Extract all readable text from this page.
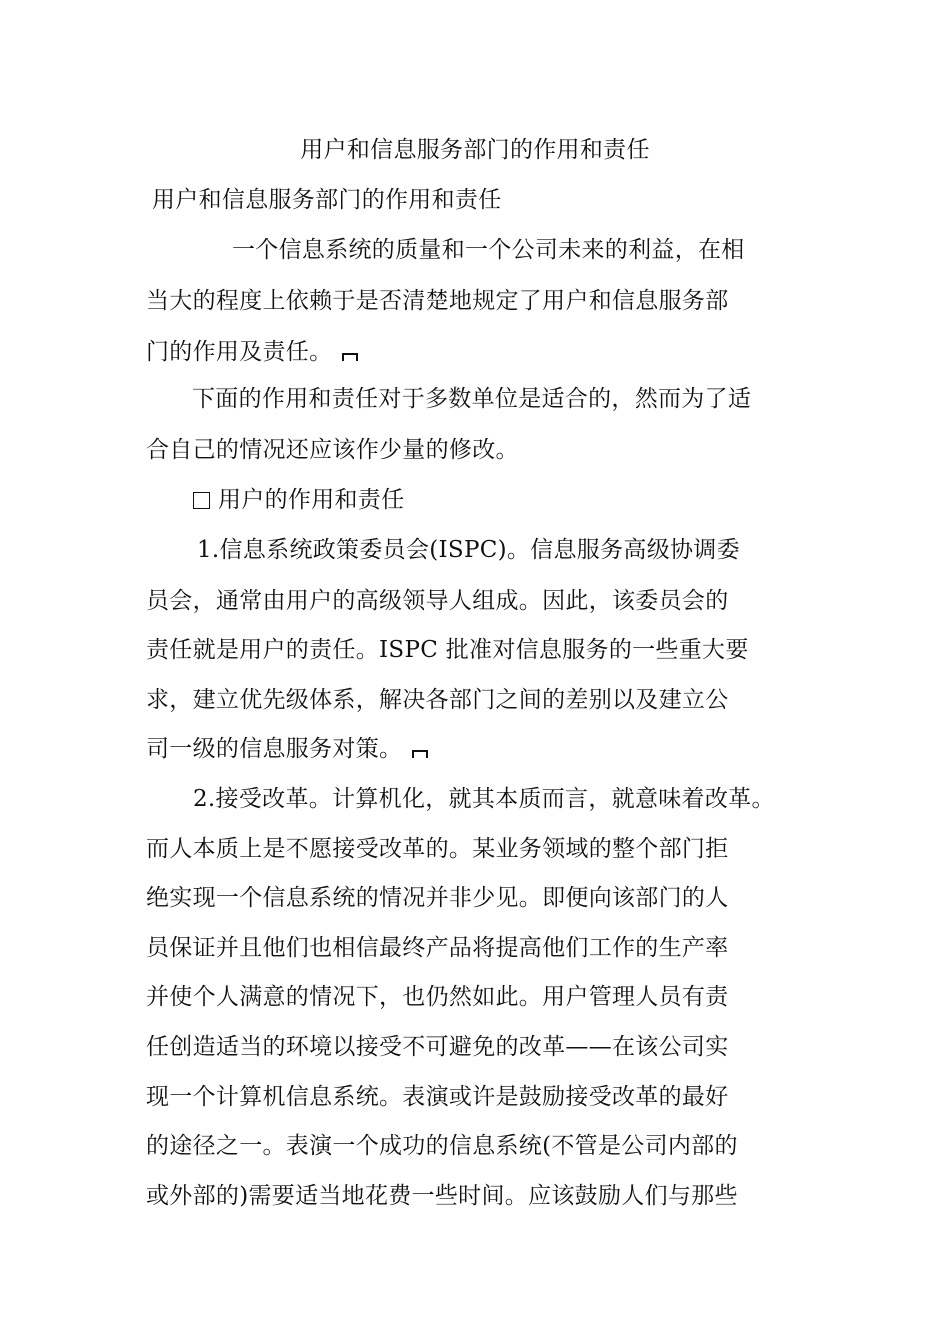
用户和信息服务部门的作用和责任
用户和信息服务部门的作用和责任
一个信息系统的质量和一个公司未来的利益，在相
当大的程度上依赖于是否清楚地规定了用户和信息服务部
门的作用及责任。
下面的作用和责任对于多数单位是适合的，然而为了适
合自己的情况还应该作少量的修改。
用户的作用和责任
1.信息系统政策委员会(ISPC)。信息服务高级协调委
员会，通常由用户的高级领导人组成。因此，该委员会的
责任就是用户的责任。ISPC 批准对信息服务的一些重大要
求，建立优先级体系，解决各部门之间的差别以及建立公
司一级的信息服务对策。
2.接受改革。计算机化，就其本质而言，就意味着改革。
而人本质上是不愿接受改革的。某业务领域的整个部门拒
绝实现一个信息系统的情况并非少见。即便向该部门的人
员保证并且他们也相信最终产品将提高他们工作的生产率
并使个人满意的情况下，也仍然如此。用户管理人员有责
任创造适当的环境以接受不可避免的改革——在该公司实
现一个计算机信息系统。表演或许是鼓励接受改革的最好
的途径之一。表演一个成功的信息系统(不管是公司内部的
或外部的)需要适当地花费一些时间。应该鼓励人们与那些
